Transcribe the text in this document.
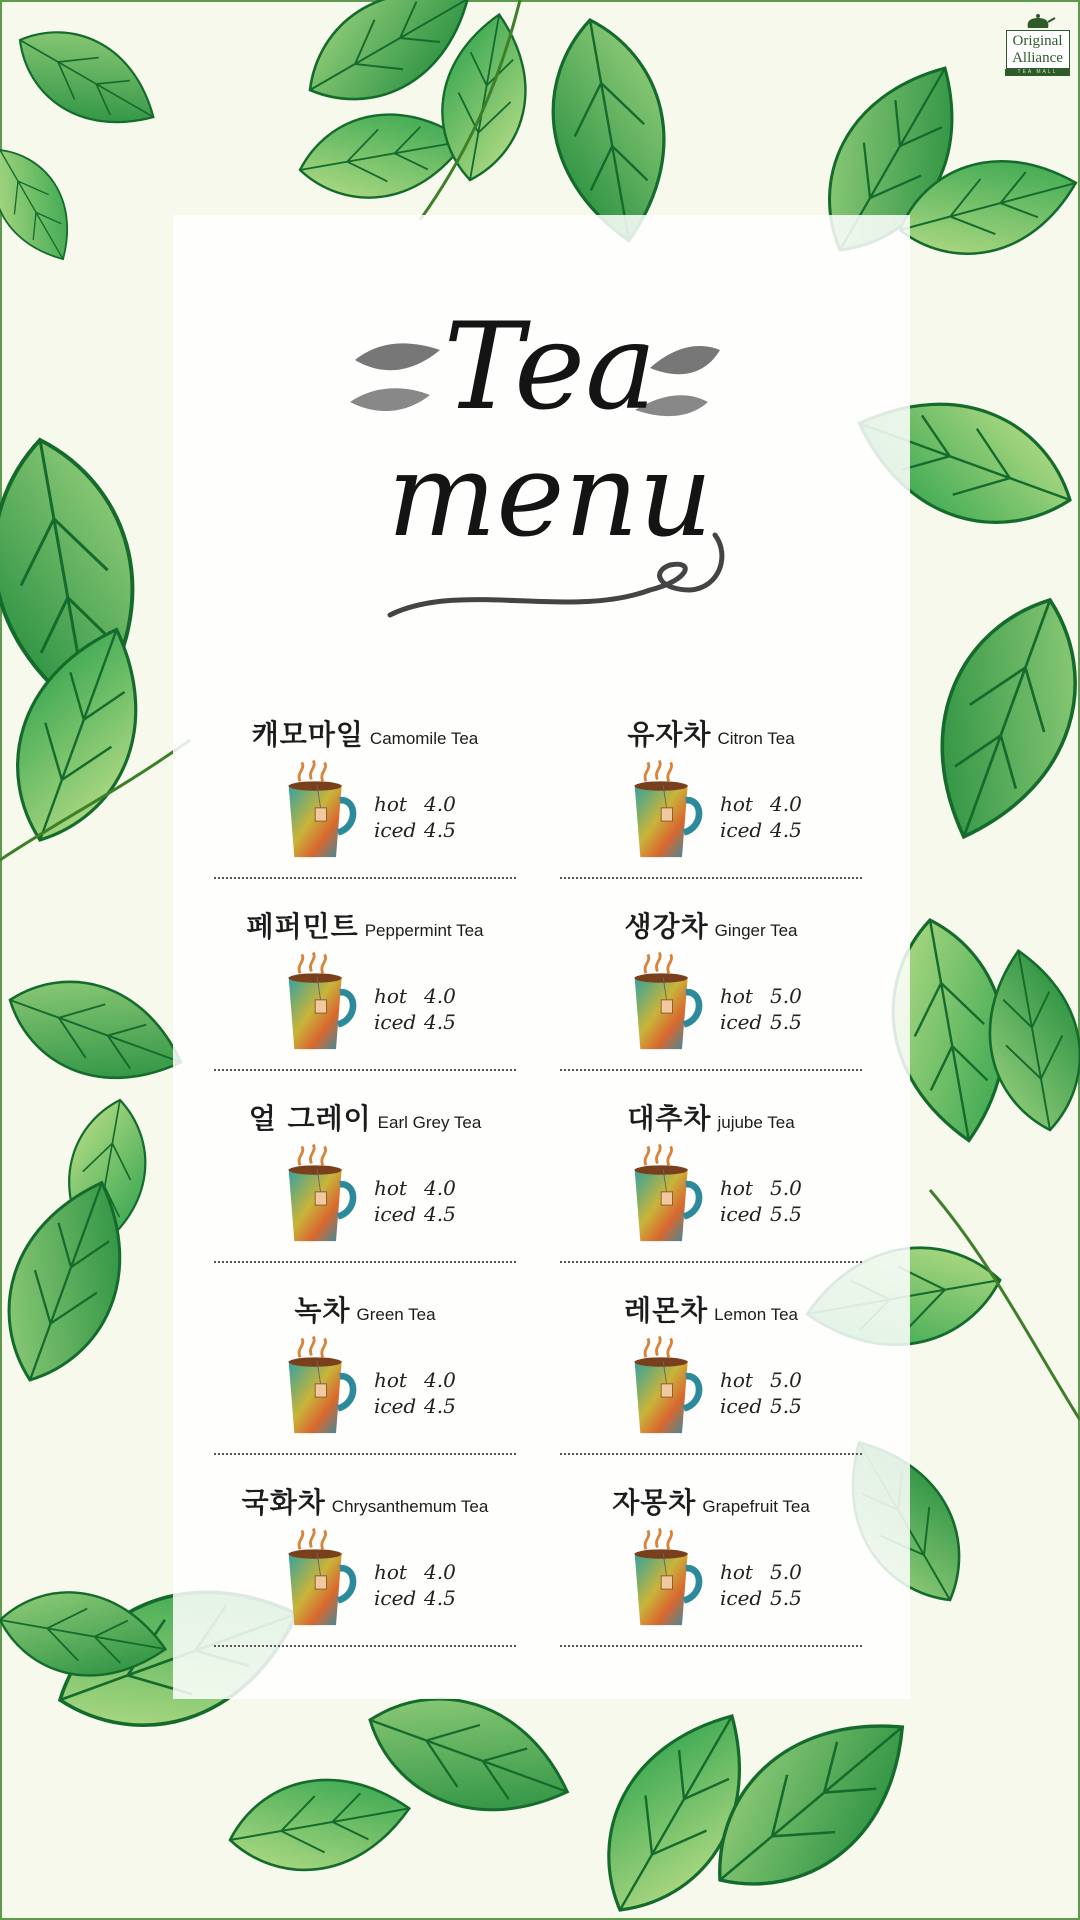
Original
Alliance
TEA MALL
Tea
menu
캐모마일 Camomile Tea
hot 4.0
iced 4.5
페퍼민트 Peppermint Tea
hot 4.0
iced 4.5
얼 그레이 Earl Grey Tea
hot 4.0
iced 4.5
녹차 Green Tea
hot 4.0
iced 4.5
국화차 Chrysanthemum Tea
hot 4.0
iced 4.5
유자차 Citron Tea
hot 4.0
iced 4.5
생강차 Ginger Tea
hot 5.0
iced 5.5
대추차 jujube Tea
hot 5.0
iced 5.5
레몬차 Lemon Tea
hot 5.0
iced 5.5
자몽차 Grapefruit Tea
hot 5.0
iced 5.5
